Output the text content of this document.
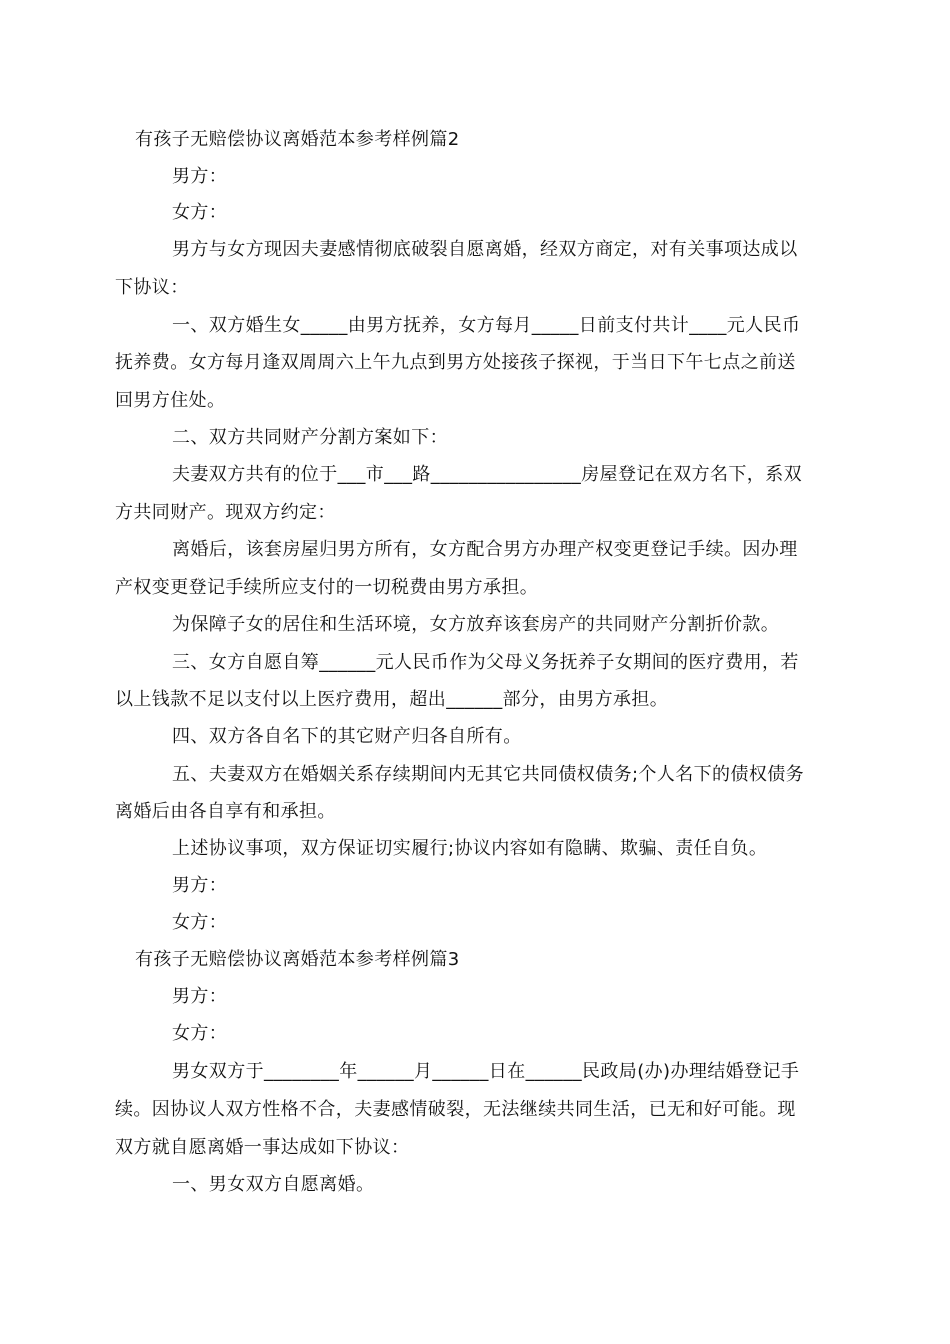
有孩子无赔偿协议离婚范本参考样例篇2
男方：
女方：
男方与女方现因夫妻感情彻底破裂自愿离婚，经双方商定，对有关事项达成以
下协议：
一、双方婚生女_____由男方抚养，女方每月_____日前支付共计____元人民币
抚养费。女方每月逢双周周六上午九点到男方处接孩子探视，于当日下午七点之前送
回男方住处。
二、双方共同财产分割方案如下：
夫妻双方共有的位于___市___路________________房屋登记在双方名下，系双
方共同财产。现双方约定：
离婚后，该套房屋归男方所有，女方配合男方办理产权变更登记手续。因办理
产权变更登记手续所应支付的一切税费由男方承担。
为保障子女的居住和生活环境，女方放弃该套房产的共同财产分割折价款。
三、女方自愿自筹______元人民币作为父母义务抚养子女期间的医疗费用，若
以上钱款不足以支付以上医疗费用，超出______部分，由男方承担。
四、双方各自名下的其它财产归各自所有。
五、夫妻双方在婚姻关系存续期间内无其它共同债权债务;个人名下的债权债务
离婚后由各自享有和承担。
上述协议事项，双方保证切实履行;协议内容如有隐瞒、欺骗、责任自负。
男方：
女方：
有孩子无赔偿协议离婚范本参考样例篇3
男方：
女方：
男女双方于________年______月______日在______民政局(办)办理结婚登记手
续。因协议人双方性格不合，夫妻感情破裂，无法继续共同生活，已无和好可能。现
双方就自愿离婚一事达成如下协议：
一、男女双方自愿离婚。
